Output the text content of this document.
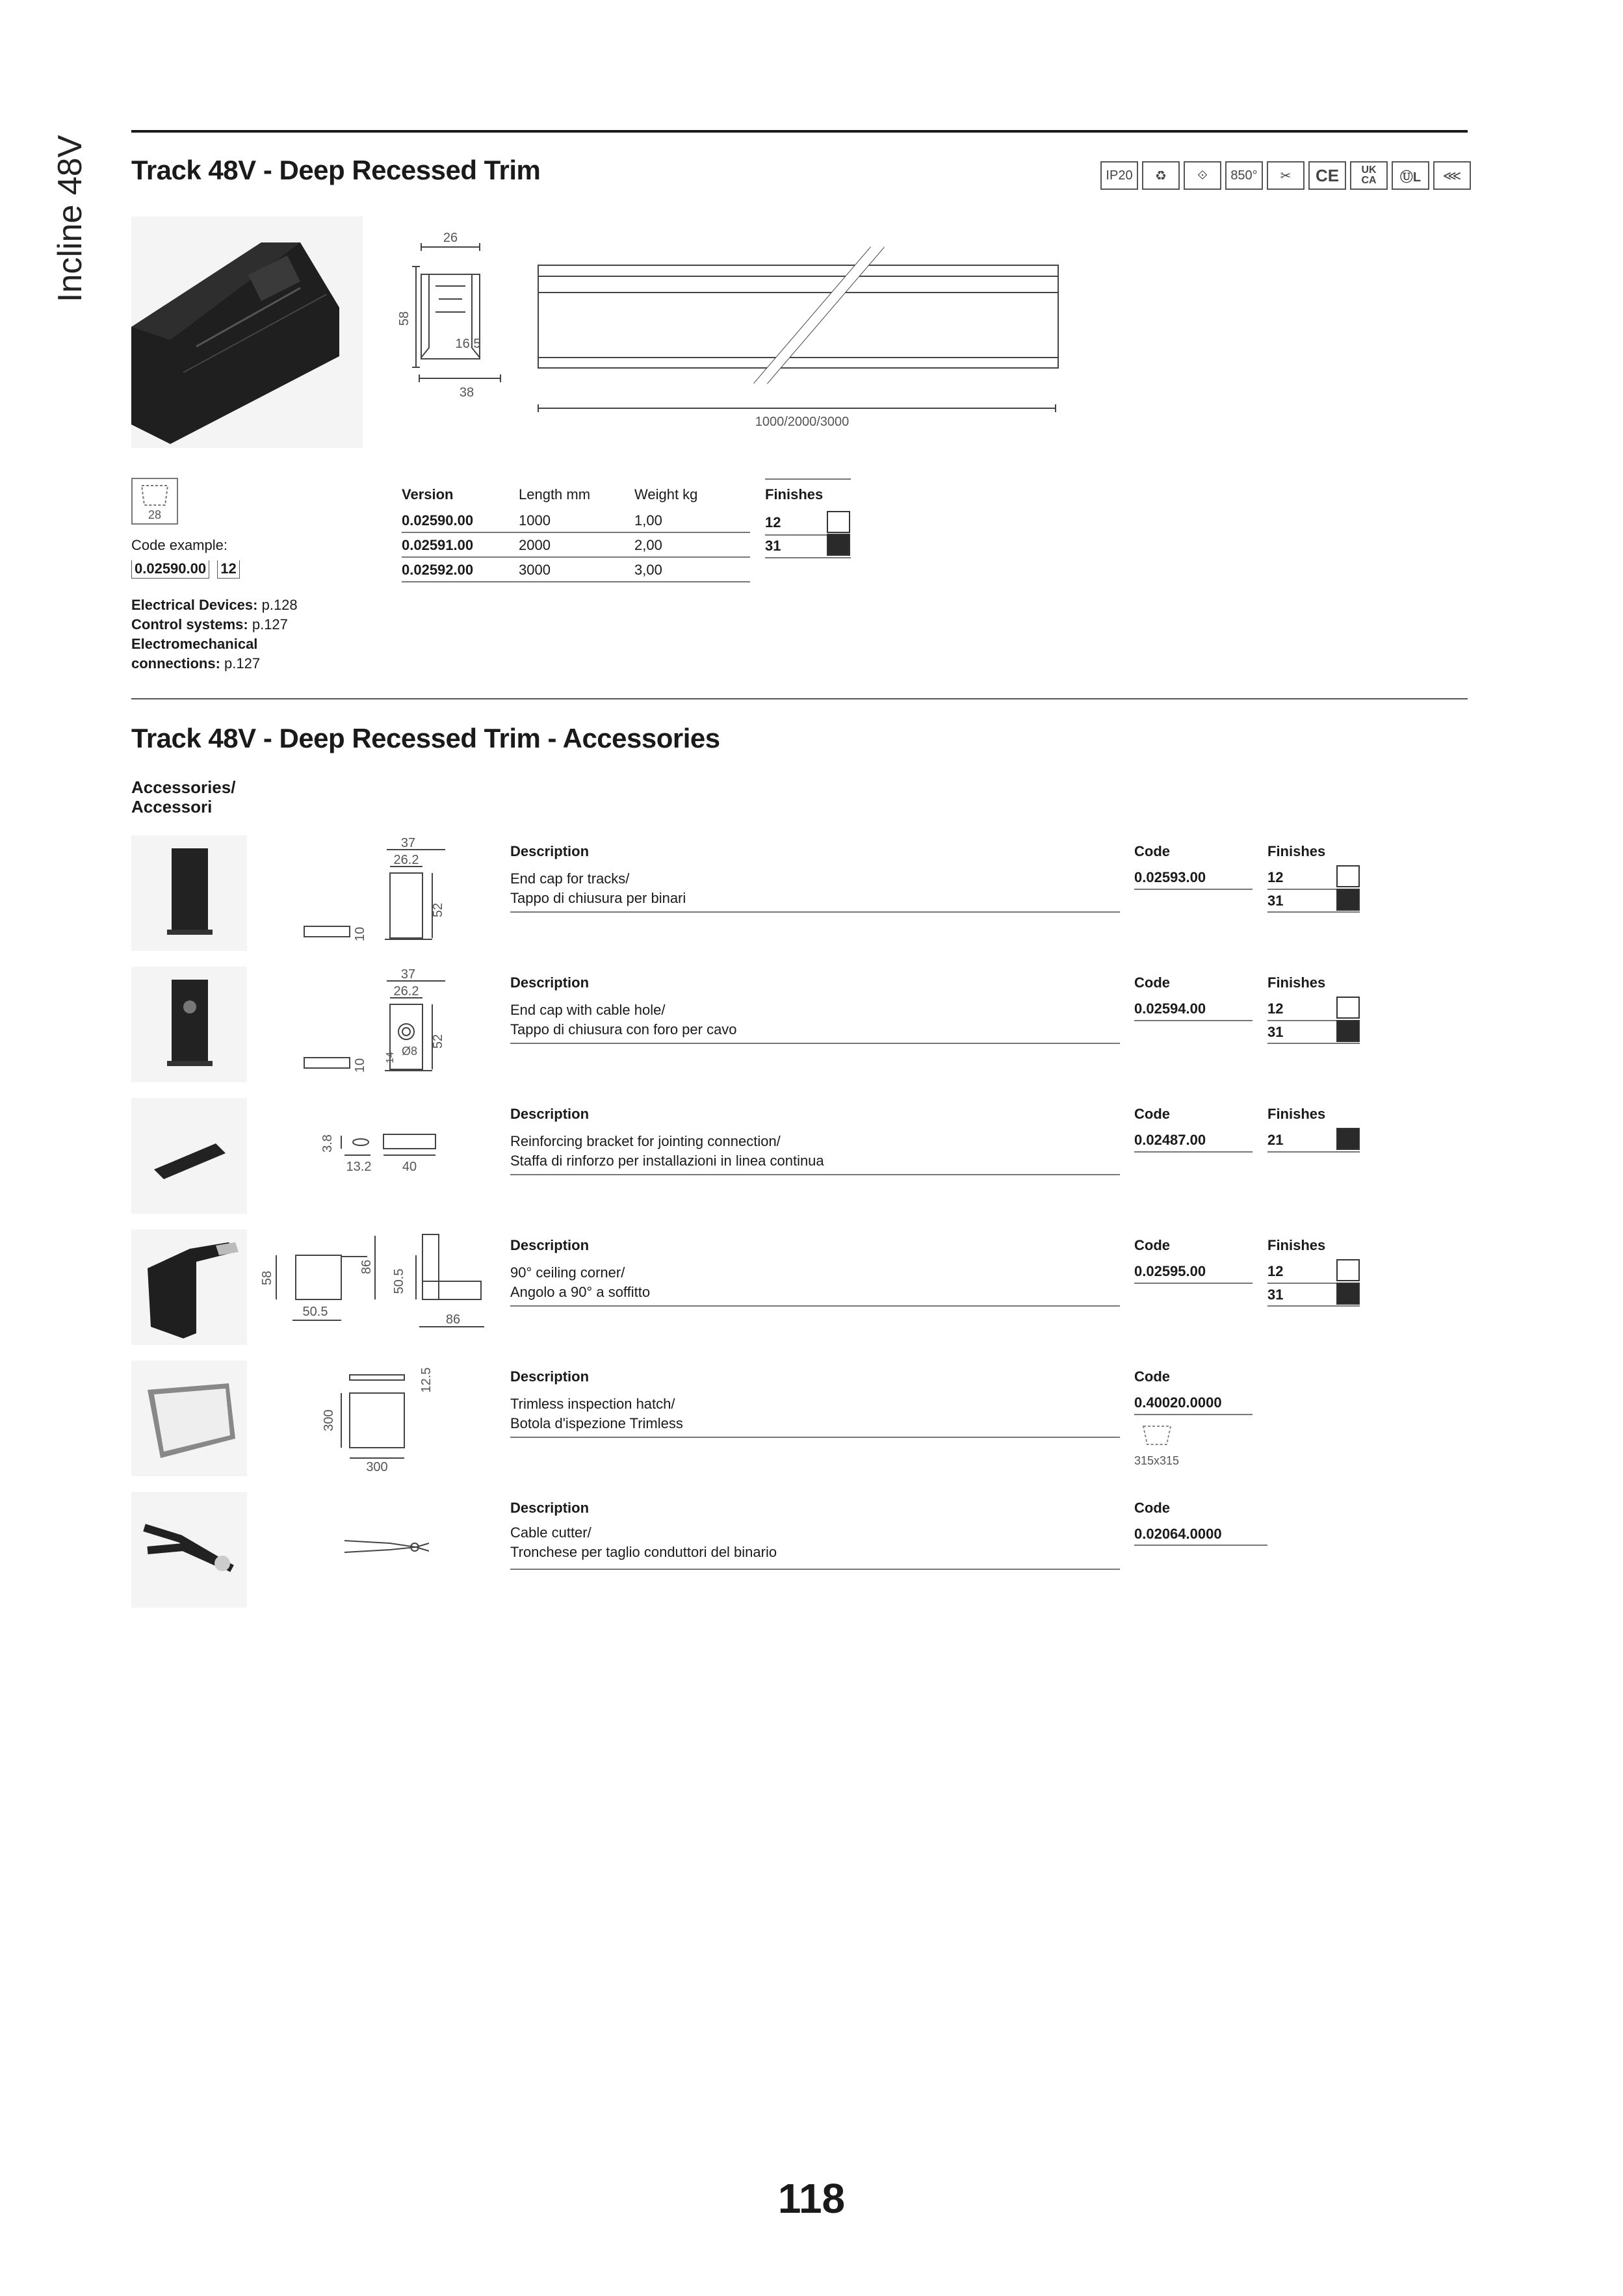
Incline 48V Track 48V - Deep Recessed Trim	IP20	♻	⟐	850°	✂	CE	UK CA	ⓊL	⋘
26
58
16.5
38
1000/2000/3000
28
Code example:
0.02590.00 12
Electrical Devices: p.128
Control systems: p.127
Electromechanical connections: p.127
Version	Length mm	Weight kg
0.02590.00	1000	1,00
0.02591.00	2000	2,00
0.02592.00	3000	3,00
Finishes
12
31
Track 48V - Deep Recessed Trim - Accessories
Accessories/
Accessori
37
26.2
52
10
Description
End cap for tracks/
Tappo di chiusura per binari
Code
0.02593.00
Finishes
12
31
37
26.2
52
10
Ø8
14
Description
End cap with cable hole/
Tappo di chiusura con foro per cavo
Code
0.02594.00
Finishes
12
31
3.8
13.2 40
Description
Reinforcing bracket for jointing connection/
Staffa di rinforzo per installazioni in linea continua
Code
0.02487.00
Finishes
21
58
50.5
86
50.5
86
Description
90° ceiling corner/
Angolo a 90° a soffitto
Code
0.02595.00
Finishes
12
31
12.5
300
300
Description
Trimless inspection hatch/
Botola d'ispezione Trimless
Code
0.40020.0000
315x315
Description
Cable cutter/
Tronchese per taglio conduttori del binario
Code
0.02064.0000
118
